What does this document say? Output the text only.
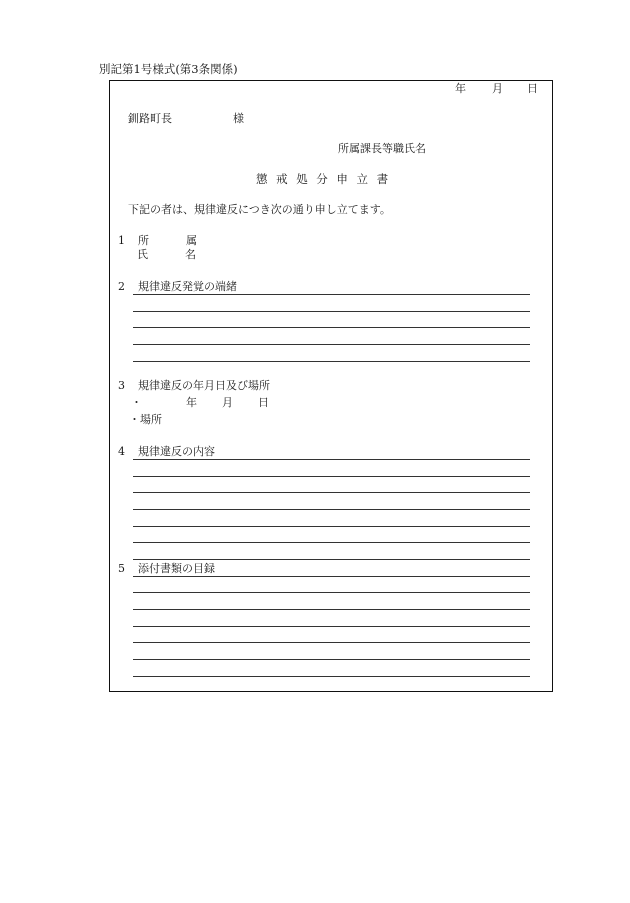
別記第1号様式(第3条関係)
年 月 日
釧路町長	様
所属課長等職氏名
懲戒処分申立書
下記の者は、規律違反につき次の通り申し立てます。
1 所	属
氏	名
2 規律違反発覚の端緒
3 規律違反の年月日及び場所
・	年 月 日
・場所
4 規律違反の内容
5 添付書類の目録
